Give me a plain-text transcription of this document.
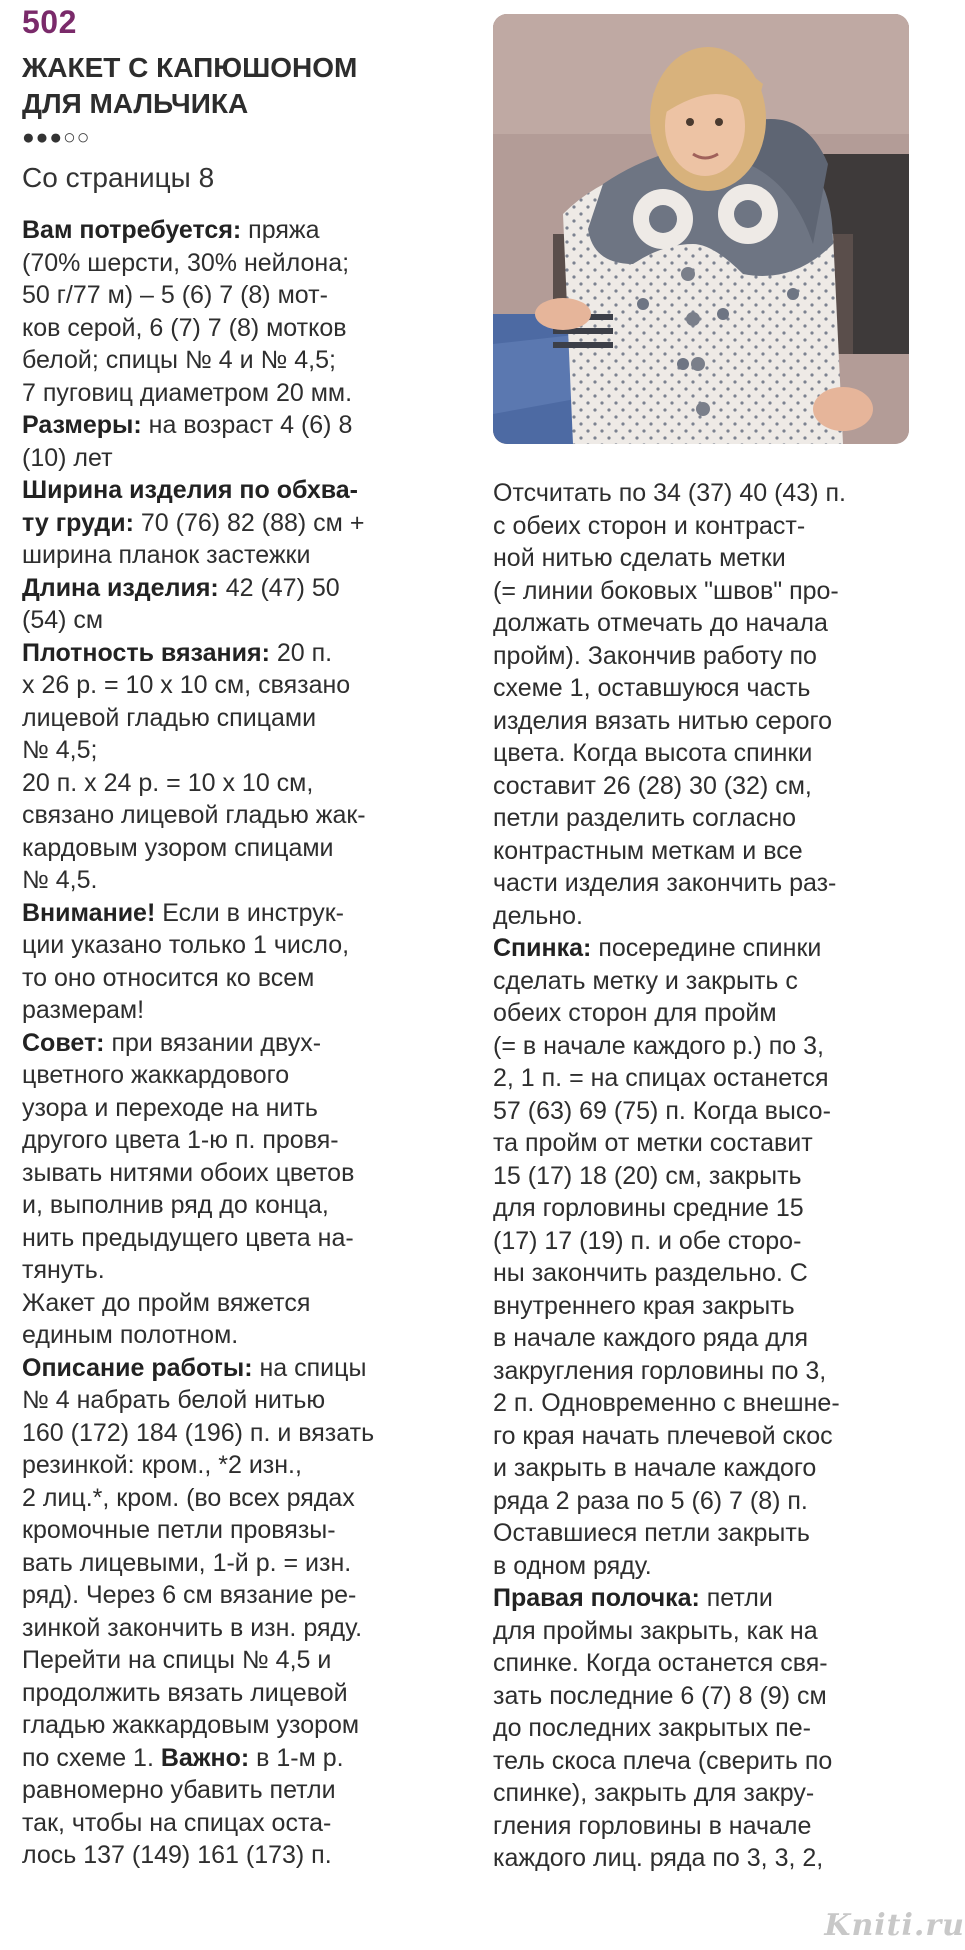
502
ЖАКЕТ С КАПЮШОНОМ
ДЛЯ МАЛЬЧИКА
●●●○○
Со страницы 8

Вам потребуется: пряжа

(70% шерсти, 30% нейлона;

50 г/77 м) – 5 (6) 7 (8) мот-

ков серой, 6 (7) 7 (8) мотков

белой; спицы № 4 и № 4,5;

7 пуговиц диаметром 20 мм.

Размеры: на возраст 4 (6) 8

(10) лет

Ширина изделия по обхва-

ту груди: 70 (76) 82 (88) см +

ширина планок застежки

Длина изделия: 42 (47) 50

(54) см

Плотность вязания: 20 п.

х 26 р. = 10 х 10 см, связано

лицевой гладью спицами

№ 4,5;

20 п. х 24 р. = 10 х 10 см,

связано лицевой гладью жак-

кардовым узором спицами

№ 4,5.

Внимание! Если в инструк-

ции указано только 1 число,

то оно относится ко всем

размерам!

Совет: при вязании двух-

цветного жаккардового

узора и переходе на нить

другого цвета 1-ю п. провя-

зывать нитями обоих цветов

и, выполнив ряд до конца,

нить предыдущего цвета на-

тянуть.

Жакет до пройм вяжется

единым полотном.

Описание работы: на спицы

№ 4 набрать белой нитью

160 (172) 184 (196) п. и вязать

резинкой: кром., *2 изн.,

2 лиц.*, кром. (во всех рядах

кромочные петли провязы-

вать лицевыми, 1-й р. = изн.

ряд). Через 6 см вязание ре-

зинкой закончить в изн. ряду.

Перейти на спицы № 4,5 и

продолжить вязать лицевой

гладью жаккардовым узором

по схеме 1. Важно: в 1-м р.

равномерно убавить петли

так, чтобы на спицах оста-

лось 137 (149) 161 (173) п.

Отсчитать по 34 (37) 40 (43) п.

с обеих сторон и контраст-

ной нитью сделать метки

(= линии боковых "швов" про-

должать отмечать до начала

пройм). Закончив работу по

схеме 1, оставшуюся часть

изделия вязать нитью серого

цвета. Когда высота спинки

составит 26 (28) 30 (32) см,

петли разделить согласно

контрастным меткам и все

части изделия закончить раз-

дельно.

Спинка: посередине спинки

сделать метку и закрыть с

обеих сторон для пройм

(= в начале каждого р.) по 3,

2, 1 п. = на спицах останется

57 (63) 69 (75) п. Когда высо-

та пройм от метки составит

15 (17) 18 (20) см, закрыть

для горловины средние 15

(17) 17 (19) п. и обе сторо-

ны закончить раздельно. С

внутреннего края закрыть

в начале каждого ряда для

закругления горловины по 3,

2 п. Одновременно с внешне-

го края начать плечевой скос

и закрыть в начале каждого

ряда 2 раза по 5 (6) 7 (8) п.

Оставшиеся петли закрыть

в одном ряду.

Правая полочка: петли

для проймы закрыть, как на

спинке. Когда останется свя-

зать последние 6 (7) 8 (9) см

до последних закрытых пе-

тель скоса плеча (сверить по

спинке), закрыть для закру-

гления горловины в начале

каждого лиц. ряда по 3, 3, 2,

Kniti.ru
